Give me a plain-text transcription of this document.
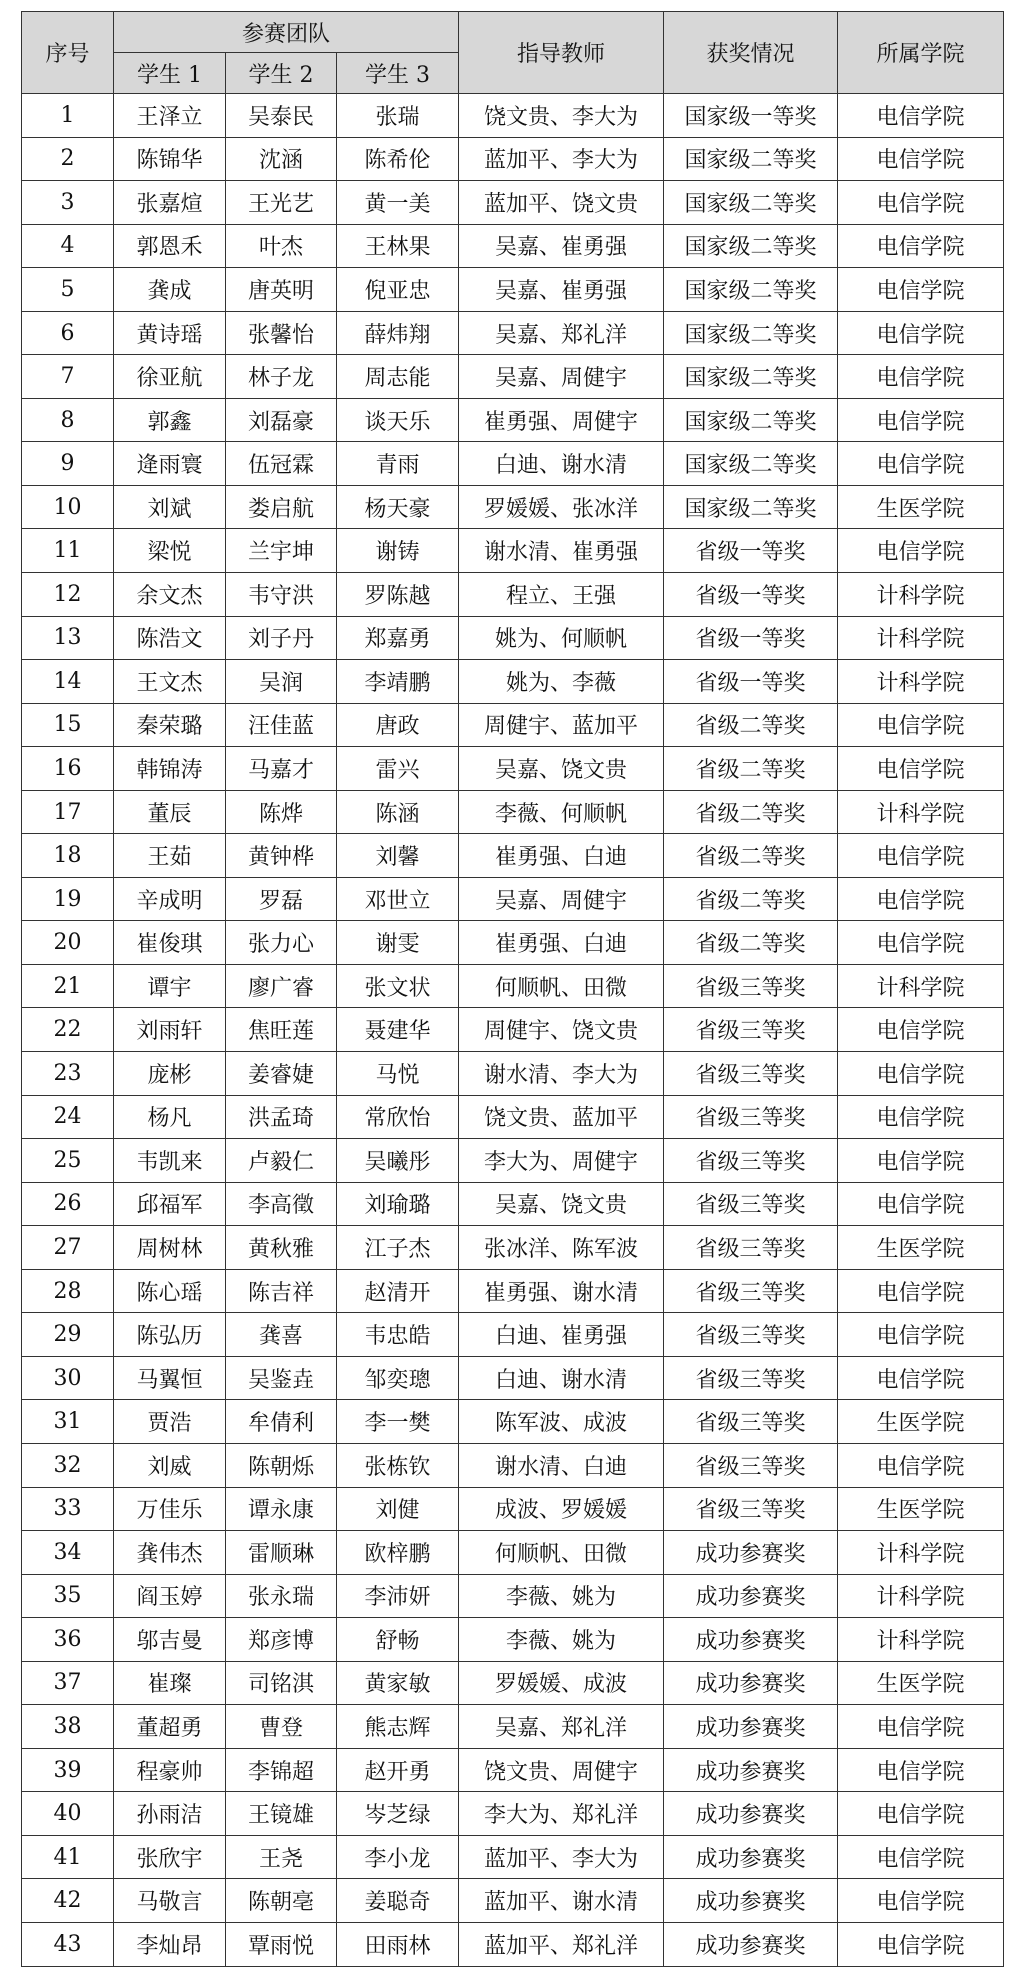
序号	参赛团队			指导教师	获奖情况	所属学院
	学生 1	学生 2	学生 3			
1	王泽立	吴泰民	张瑞	饶文贵、李大为	国家级一等奖	电信学院
2	陈锦华	沈涵	陈希伦	蓝加平、李大为	国家级二等奖	电信学院
3	张嘉煊	王光艺	黄一美	蓝加平、饶文贵	国家级二等奖	电信学院
4	郭恩禾	叶杰	王林果	吴嘉、崔勇强	国家级二等奖	电信学院
5	龚成	唐英明	倪亚忠	吴嘉、崔勇强	国家级二等奖	电信学院
6	黄诗瑶	张馨怡	薛炜翔	吴嘉、郑礼洋	国家级二等奖	电信学院
7	徐亚航	林子龙	周志能	吴嘉、周健宇	国家级二等奖	电信学院
8	郭鑫	刘磊豪	谈天乐	崔勇强、周健宇	国家级二等奖	电信学院
9	逄雨寰	伍冠霖	青雨	白迪、谢水清	国家级二等奖	电信学院
10	刘斌	娄启航	杨天豪	罗媛媛、张冰洋	国家级二等奖	生医学院
11	梁悦	兰宇坤	谢铸	谢水清、崔勇强	省级一等奖	电信学院
12	余文杰	韦守洪	罗陈越	程立、王强	省级一等奖	计科学院
13	陈浩文	刘子丹	郑嘉勇	姚为、何顺帆	省级一等奖	计科学院
14	王文杰	吴润	李靖鹏	姚为、李薇	省级一等奖	计科学院
15	秦荣璐	汪佳蓝	唐政	周健宇、蓝加平	省级二等奖	电信学院
16	韩锦涛	马嘉才	雷兴	吴嘉、饶文贵	省级二等奖	电信学院
17	董辰	陈烨	陈涵	李薇、何顺帆	省级二等奖	计科学院
18	王茹	黄钟桦	刘馨	崔勇强、白迪	省级二等奖	电信学院
19	辛成明	罗磊	邓世立	吴嘉、周健宇	省级二等奖	电信学院
20	崔俊琪	张力心	谢雯	崔勇强、白迪	省级二等奖	电信学院
21	谭宇	廖广睿	张文状	何顺帆、田微	省级三等奖	计科学院
22	刘雨轩	焦旺莲	聂建华	周健宇、饶文贵	省级三等奖	电信学院
23	庞彬	姜睿婕	马悦	谢水清、李大为	省级三等奖	电信学院
24	杨凡	洪孟琦	常欣怡	饶文贵、蓝加平	省级三等奖	电信学院
25	韦凯来	卢毅仁	吴曦彤	李大为、周健宇	省级三等奖	电信学院
26	邱福军	李高徵	刘瑜璐	吴嘉、饶文贵	省级三等奖	电信学院
27	周树林	黄秋雅	江子杰	张冰洋、陈军波	省级三等奖	生医学院
28	陈心瑶	陈吉祥	赵清开	崔勇强、谢水清	省级三等奖	电信学院
29	陈弘历	龚喜	韦忠皓	白迪、崔勇强	省级三等奖	电信学院
30	马翼恒	吴鉴垚	邹奕璁	白迪、谢水清	省级三等奖	电信学院
31	贾浩	牟倩利	李一樊	陈军波、成波	省级三等奖	生医学院
32	刘威	陈朝烁	张栋钦	谢水清、白迪	省级三等奖	电信学院
33	万佳乐	谭永康	刘健	成波、罗媛媛	省级三等奖	生医学院
34	龚伟杰	雷顺琳	欧梓鹏	何顺帆、田微	成功参赛奖	计科学院
35	阎玉婷	张永瑞	李沛妍	李薇、姚为	成功参赛奖	计科学院
36	邬吉曼	郑彦博	舒畅	李薇、姚为	成功参赛奖	计科学院
37	崔璨	司铭淇	黄家敏	罗媛媛、成波	成功参赛奖	生医学院
38	董超勇	曹登	熊志辉	吴嘉、郑礼洋	成功参赛奖	电信学院
39	程豪帅	李锦超	赵开勇	饶文贵、周健宇	成功参赛奖	电信学院
40	孙雨洁	王镜雄	岑芝绿	李大为、郑礼洋	成功参赛奖	电信学院
41	张欣宇	王尧	李小龙	蓝加平、李大为	成功参赛奖	电信学院
42	马敬言	陈朝亳	姜聪奇	蓝加平、谢水清	成功参赛奖	电信学院
43	李灿昂	覃雨悦	田雨林	蓝加平、郑礼洋	成功参赛奖	电信学院
